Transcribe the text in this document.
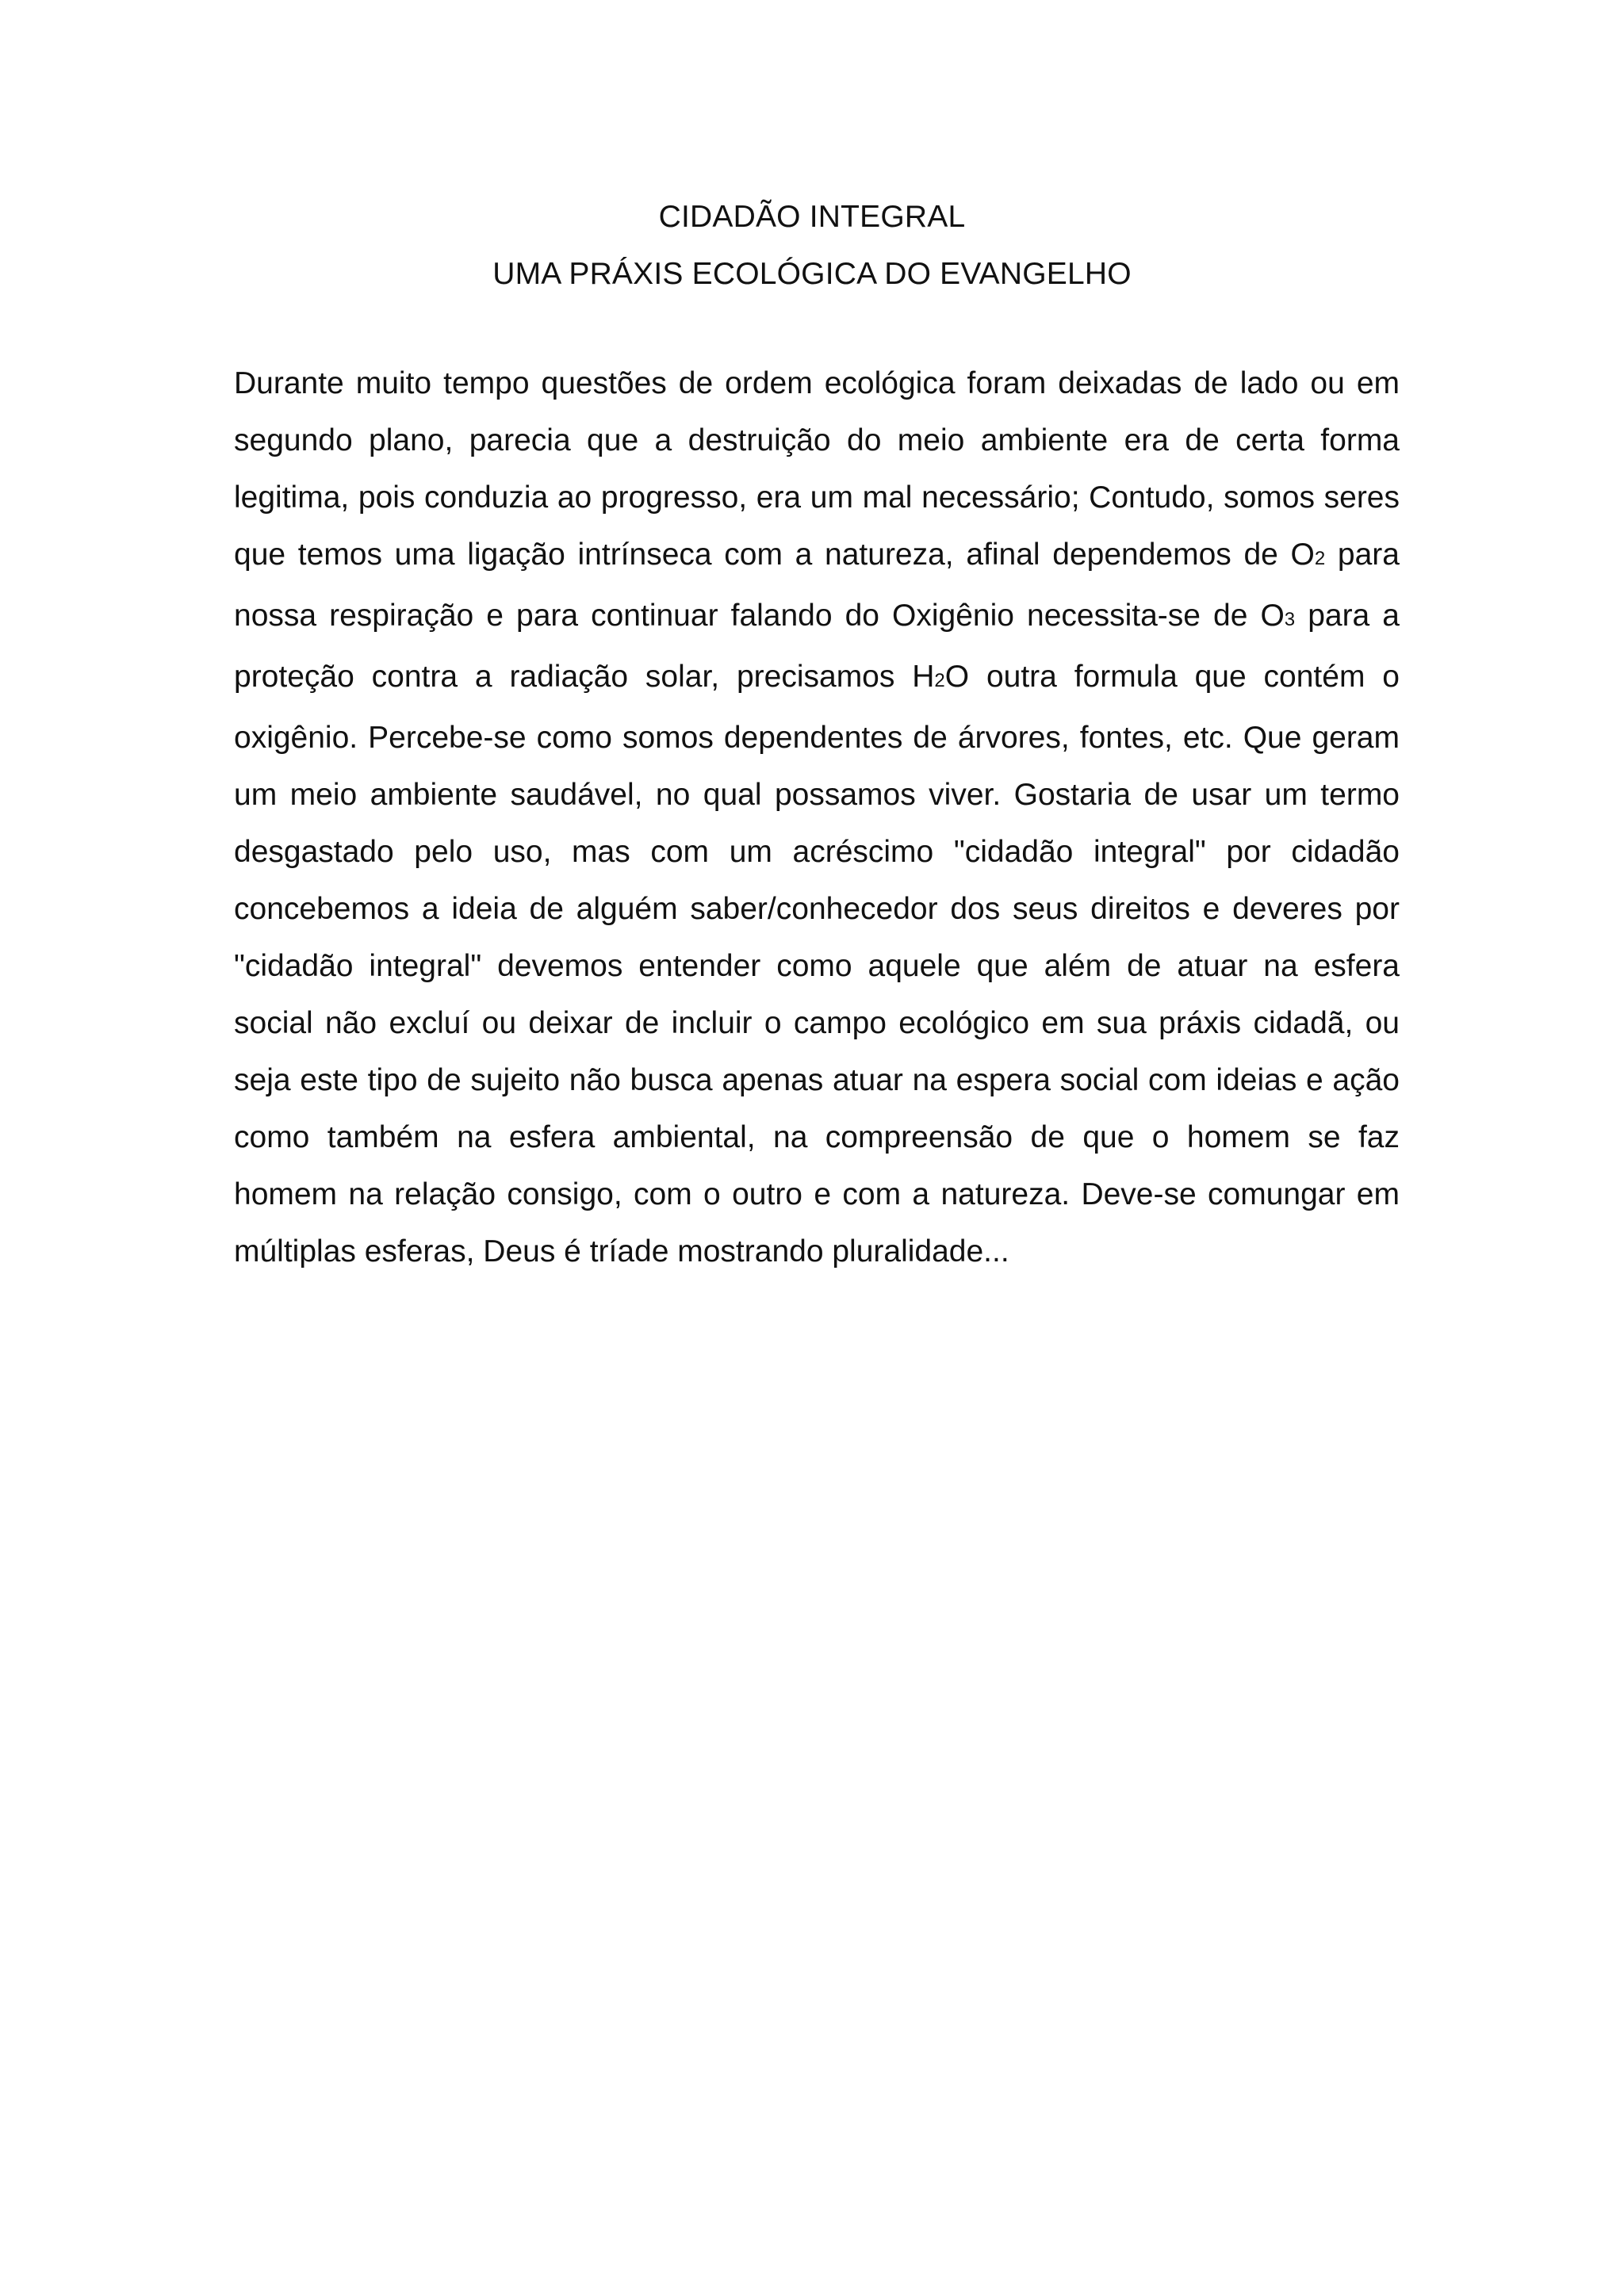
CIDADÃO INTEGRAL
UMA PRÁXIS ECOLÓGICA DO EVANGELHO

Durante muito tempo questões de ordem ecológica foram deixadas de lado ou em segundo plano, parecia que a destruição do meio ambiente era de certa forma legitima, pois conduzia ao progresso, era um mal necessário; Contudo, somos seres que temos uma ligação intrínseca com a natureza, afinal dependemos de O2 para nossa respiração e para continuar falando do Oxigênio necessita-se de O3 para a proteção contra a radiação solar, precisamos H2O outra formula que contém o oxigênio. Percebe-se como somos dependentes de árvores, fontes, etc. Que geram um meio ambiente saudável, no qual possamos viver. Gostaria de usar um termo desgastado pelo uso, mas com um acréscimo "cidadão integral" por cidadão concebemos a ideia de alguém saber/conhecedor dos seus direitos e deveres por "cidadão integral" devemos entender como aquele que além de atuar na esfera social não excluí ou deixar de incluir o campo ecológico em sua práxis cidadã, ou seja este tipo de sujeito não busca apenas atuar na espera social com ideias e ação como também na esfera ambiental, na compreensão de que o homem se faz homem na relação consigo, com o outro e com a natureza. Deve-se comungar em múltiplas esferas, Deus é tríade mostrando pluralidade...
